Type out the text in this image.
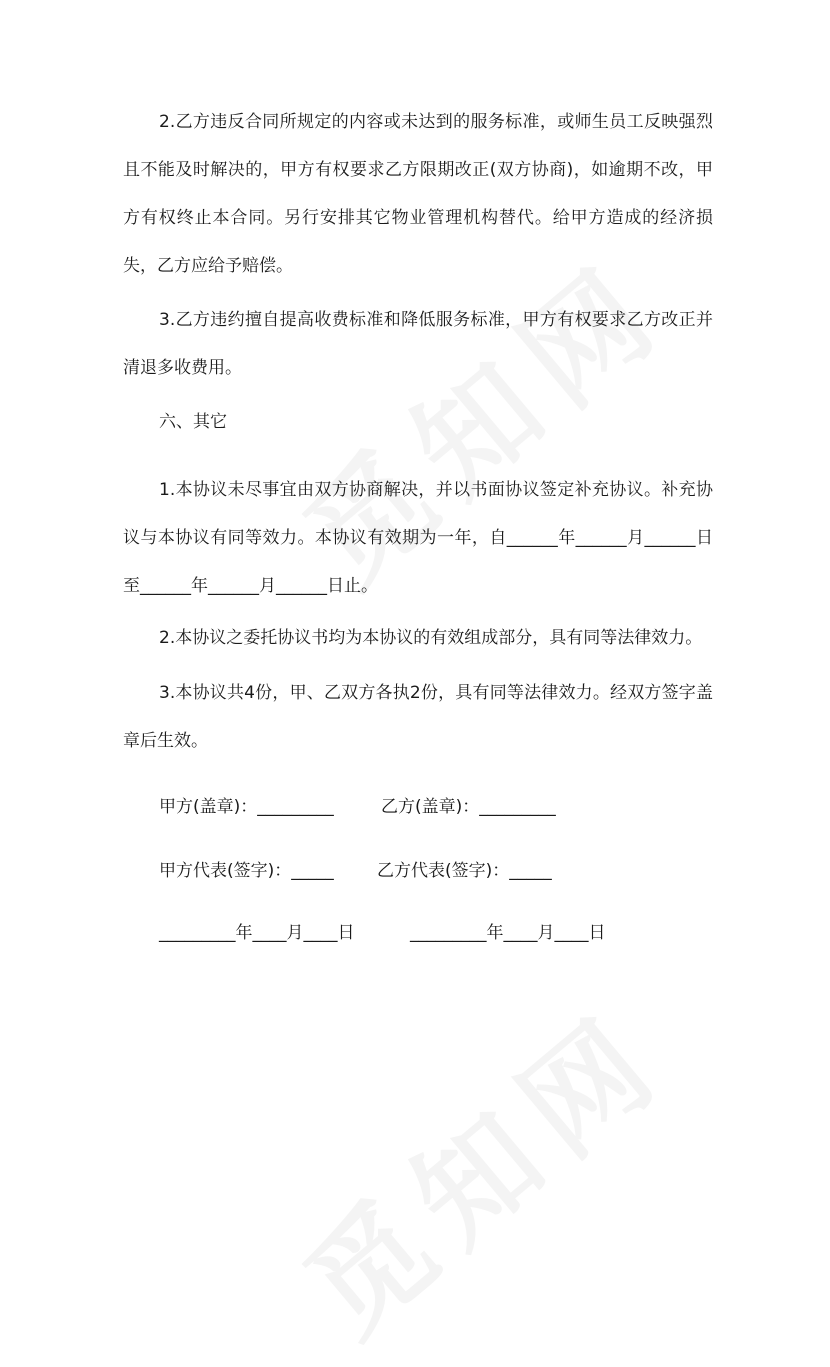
2.乙方违反合同所规定的内容或未达到的服务标准，或师生员工反映强烈且不能及时解决的，甲方有权要求乙方限期改正(双方协商)，如逾期不改，甲方有权终止本合同。另行安排其它物业管理机构替代。给甲方造成的经济损失，乙方应给予赔偿。

3.乙方违约擅自提高收费标准和降低服务标准，甲方有权要求乙方改正并清退多收费用。

六、其它

1.本协议未尽事宜由双方协商解决，并以书面协议签定补充协议。补充协议与本协议有同等效力。本协议有效期为一年，自______年______月______日至______年______月______日止。

2.本协议之委托协议书均为本协议的有效组成部分，具有同等法律效力。

3.本协议共4份，甲、乙双方各执2份，具有同等法律效力。经双方签字盖章后生效。

甲方(盖章)：_________

	乙方(盖章)：_________

甲方代表(签字)：_____

	乙方代表(签字)：_____

_________年____月____日

	_________年____月____日
